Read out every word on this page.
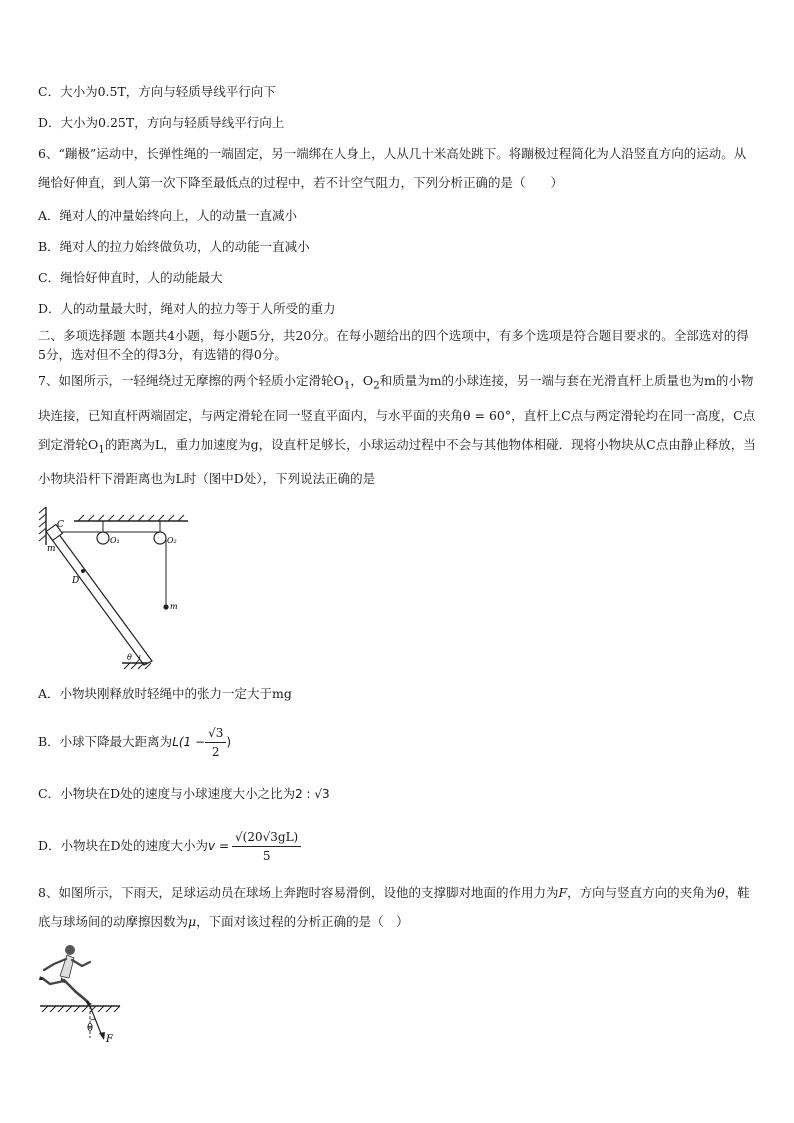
C．大小为0.5T，方向与轻质导线平行向下
D．大小为0.25T，方向与轻质导线平行向上
6、“蹦极”运动中，长弹性绳的一端固定，另一端绑在人身上，人从几十米高处跳下。将蹦极过程简化为人沿竖直方向的运动。从绳恰好伸直，到人第一次下降至最低点的过程中，若不计空气阻力，下列分析正确的是（　　）
A．绳对人的冲量始终向上，人的动量一直减小
B．绳对人的拉力始终做负功，人的动能一直减小
C．绳恰好伸直时，人的动能最大
D．人的动量最大时，绳对人的拉力等于人所受的重力
二、多项选择题 本题共4小题，每小题5分，共20分。在每小题给出的四个选项中，有多个选项是符合题目要求的。全部选对的得5分，选对但不全的得3分，有选错的得0分。
7、如图所示，一轻绳绕过无摩擦的两个轻质小定滑轮$O_1$，$O_2$和质量为m的小球连接，另一端与套在光滑直杆上质量也为m的小物块连接，已知直杆两端固定，与两定滑轮在同一竖直平面内，与水平面的夹角θ = 60°，直杆上C点与两定滑轮均在同一高度，C点到定滑轮$O_1$的距离为L，重力加速度为g，设直杆足够长，小球运动过程中不会与其他物体相碰．现将小物块从C点由静止释放，当小物块沿杆下滑距离也为L时（图中D处），下列说法正确的是
C
m
O₁	O₂
D
m
θ
A．小物块刚释放时轻绳中的张力一定大于mg
B．小球下降最大距离为 $L(1 - \frac{√3}{2}$ )
C．小物块在D处的速度与小球速度大小之比为2 : √3
D．小物块在D处的速度大小为 $v = \frac{√(20√3gL)}{5}$
8、如图所示，下雨天，足球运动员在球场上奔跑时容易滑倒，设他的支撑脚对地面的作用力为F，方向与竖直方向的夹角为θ，鞋底与球场间的动摩擦因数为μ，下面对该过程的分析正确的是（　）
θ
F
